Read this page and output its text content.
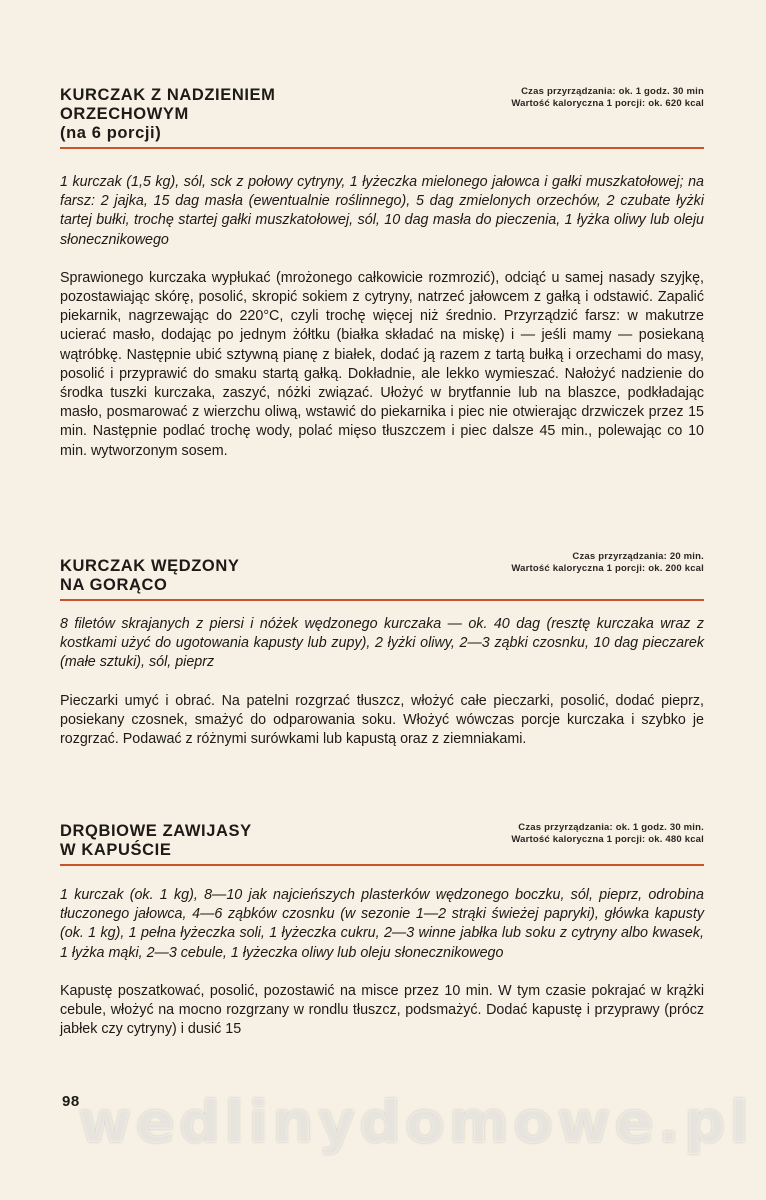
KURCZAK Z NADZIENIEM
ORZECHOWYM
(na 6 porcji)
Czas przyrządzania: ok. 1 godz. 30 min
Wartość kaloryczna 1 porcji: ok. 620 kcal

1 kurczak (1,5 kg), sól, sck z połowy cytryny, 1 łyżeczka mielonego jałowca i gałki muszkatołowej; na farsz: 2 jajka, 15 dag masła (ewentualnie roślinnego), 5 dag zmielonych orzechów, 2 czubate łyżki tartej bułki, trochę startej gałki muszkatołowej, sól, 10 dag masła do pieczenia, 1 łyżka oliwy lub oleju słonecznikowego

Sprawionego kurczaka wypłukać (mrożonego całkowicie rozmrozić), odciąć u samej nasady szyjkę, pozostawiając skórę, posolić, skropić sokiem z cytryny, natrzeć jałowcem z gałką i odstawić. Zapalić piekarnik, nagrzewając do 220°C, czyli trochę więcej niż średnio. Przyrządzić farsz: w makutrze ucierać masło, dodając po jednym żółtku (białka składać na miskę) i — jeśli mamy — posiekaną wątróbkę. Następnie ubić sztywną pianę z białek, dodać ją razem z tartą bułką i orzechami do masy, posolić i przyprawić do smaku startą gałką. Dokładnie, ale lekko wymieszać. Nałożyć nadzienie do środka tuszki kurczaka, zaszyć, nóżki związać. Ułożyć w brytfannie lub na blaszce, podkładając masło, posmarować z wierzchu oliwą, wstawić do piekarnika i piec nie otwierając drzwiczek przez 15 min. Następnie podlać trochę wody, polać mięso tłuszczem i piec dalsze 45 min., polewając co 10 min. wytworzonym sosem.

KURCZAK WĘDZONY
NA GORĄCO
Czas przyrządzania: 20 min.
Wartość kaloryczna 1 porcji: ok. 200 kcal

8 filetów skrajanych z piersi i nóżek wędzonego kurczaka — ok. 40 dag (resztę kurczaka wraz z kostkami użyć do ugotowania kapusty lub zupy), 2 łyżki oliwy, 2—3 ząbki czosnku, 10 dag pieczarek (małe sztuki), sól, pieprz

Pieczarki umyć i obrać. Na patelni rozgrzać tłuszcz, włożyć całe pieczarki, posolić, dodać pieprz, posiekany czosnek, smażyć do odparowania soku. Włożyć wówczas porcje kurczaka i szybko je rozgrzać. Podawać z różnymi surówkami lub kapustą oraz z ziemniakami.

DRQBIOWE ZAWIJASY
W KAPUŚCIE
Czas przyrządzania: ok. 1 godz. 30 min.
Wartość kaloryczna 1 porcji: ok. 480 kcal

1 kurczak (ok. 1 kg), 8—10 jak najcieńszych plasterków wędzonego boczku, sól, pieprz, odrobina tłuczonego jałowca, 4—6 ząbków czosnku (w sezonie 1—2 strąki świeżej papryki), główka kapusty (ok. 1 kg), 1 pełna łyżeczka soli, 1 łyżeczka cukru, 2—3 winne jabłka lub soku z cytryny albo kwasek, 1 łyżka mąki, 2—3 cebule, 1 łyżeczka oliwy lub oleju słonecznikowego

Kapustę poszatkować, posolić, pozostawić na misce przez 10 min. W tym czasie pokrajać w krążki cebule, włożyć na mocno rozgrzany w rondlu tłuszcz, podsmażyć. Dodać kapustę i przyprawy (prócz jabłek czy cytryny) i dusić 15

wedlinydomowe.pl
98
